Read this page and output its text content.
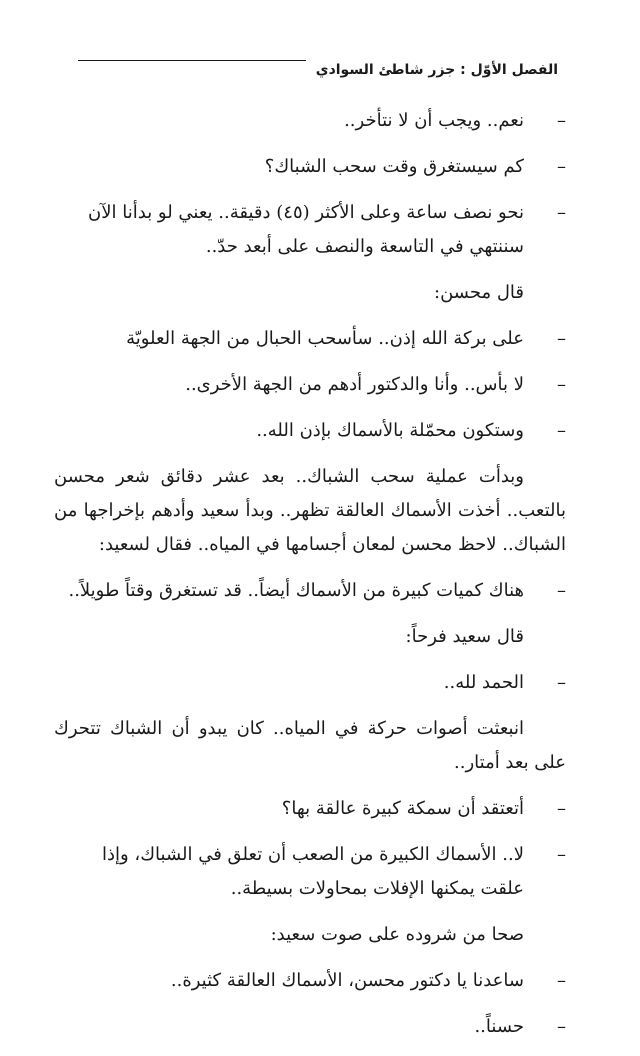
الفصل الأوّل : جزر شاطئ السوادي

–
نعم.. ويجب أن لا نتأخر..

–
كم سيستغرق وقت سحب الشباك؟

–
نحو نصف ساعة وعلى الأكثر (٤٥) دقيقة.. يعني لو بدأنا الآن سننتهي في التاسعة والنصف على أبعد حدّ..

قال محسن:

–
على بركة الله إذن.. سأسحب الحبال من الجهة العلويّة

–
لا بأس.. وأنا والدكتور أدهم من الجهة الأخرى..

–
وستكون محمّلة بالأسماك بإذن الله..

وبدأت عملية سحب الشباك.. بعد عشر دقائق شعر محسن بالتعب.. أخذت الأسماك العالقة تظهر.. وبدأ سعيد وأدهم بإخراجها من الشباك.. لاحظ محسن لمعان أجسامها في المياه.. فقال لسعيد:

–
هناك كميات كبيرة من الأسماك أيضاً.. قد تستغرق وقتاً طويلاً..

قال سعيد فرحاً:

–
الحمد لله..

انبعثت أصوات حركة في المياه.. كان يبدو أن الشباك تتحرك على بعد أمتار..

–
أتعتقد أن سمكة كبيرة عالقة بها؟

–
لا.. الأسماك الكبيرة من الصعب أن تعلق في الشباك، وإذا علقت يمكنها الإفلات بمحاولات بسيطة..

صحا من شروده على صوت سعيد:

–
ساعدنا يا دكتور محسن، الأسماك العالقة كثيرة..

–
حسناً..
